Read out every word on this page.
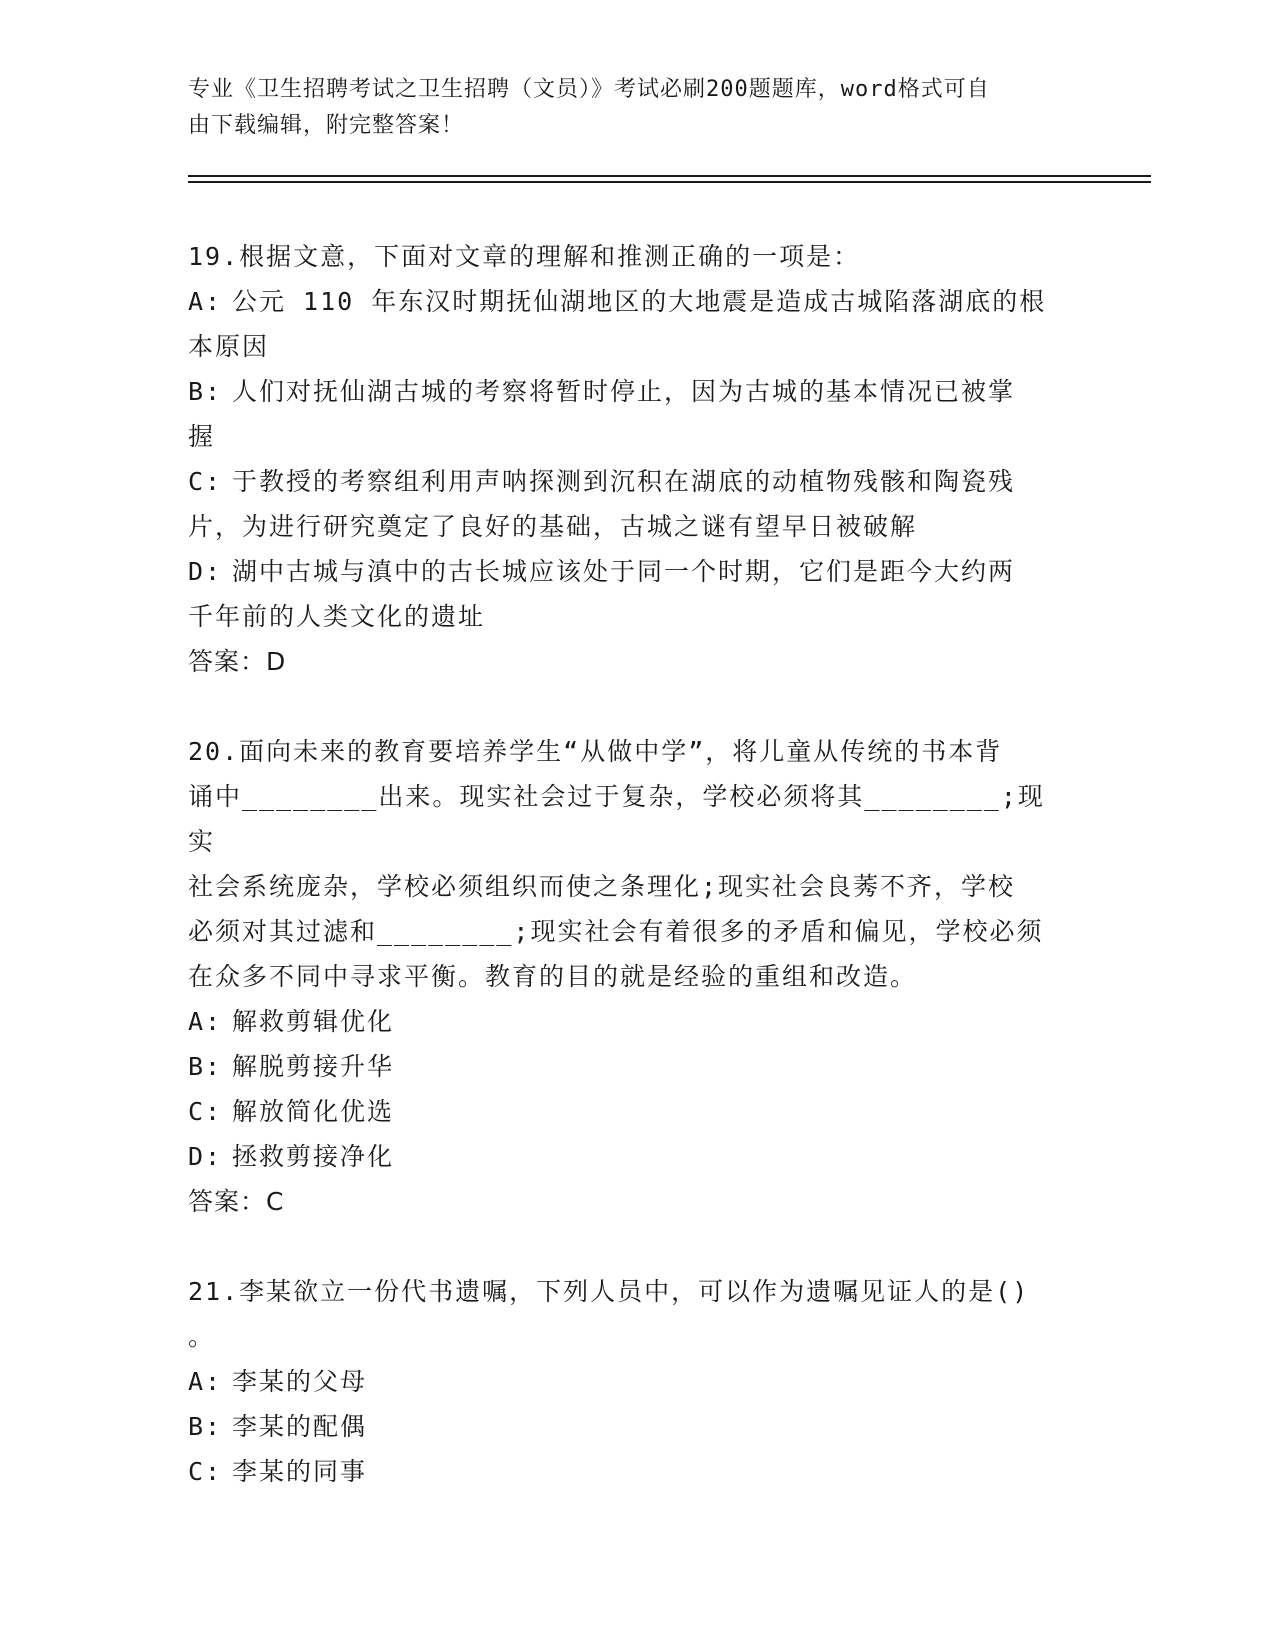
专业《卫生招聘考试之卫生招聘（文员）》考试必刷200题题库，word格式可自
由下载编辑，附完整答案！
19.根据文意，下面对文章的理解和推测正确的一项是：
A: 公元 110 年东汉时期抚仙湖地区的大地震是造成古城陷落湖底的根
本原因
B: 人们对抚仙湖古城的考察将暂时停止，因为古城的基本情况已被掌
握
C: 于教授的考察组利用声呐探测到沉积在湖底的动植物残骸和陶瓷残
片，为进行研究奠定了良好的基础，古城之谜有望早日被破解
D: 湖中古城与滇中的古长城应该处于同一个时期，它们是距今大约两
千年前的人类文化的遗址
答案：D
20.面向未来的教育要培养学生“从做中学”，将儿童从传统的书本背
诵中________出来。现实社会过于复杂，学校必须将其________;现实
社会系统庞杂，学校必须组织而使之条理化;现实社会良莠不齐，学校
必须对其过滤和________;现实社会有着很多的矛盾和偏见，学校必须
在众多不同中寻求平衡。教育的目的就是经验的重组和改造。
A: 解救剪辑优化
B: 解脱剪接升华
C: 解放简化优选
D: 拯救剪接净化
答案：C
21.李某欲立一份代书遗嘱，下列人员中，可以作为遗嘱见证人的是()
。
A: 李某的父母
B: 李某的配偶
C: 李某的同事
